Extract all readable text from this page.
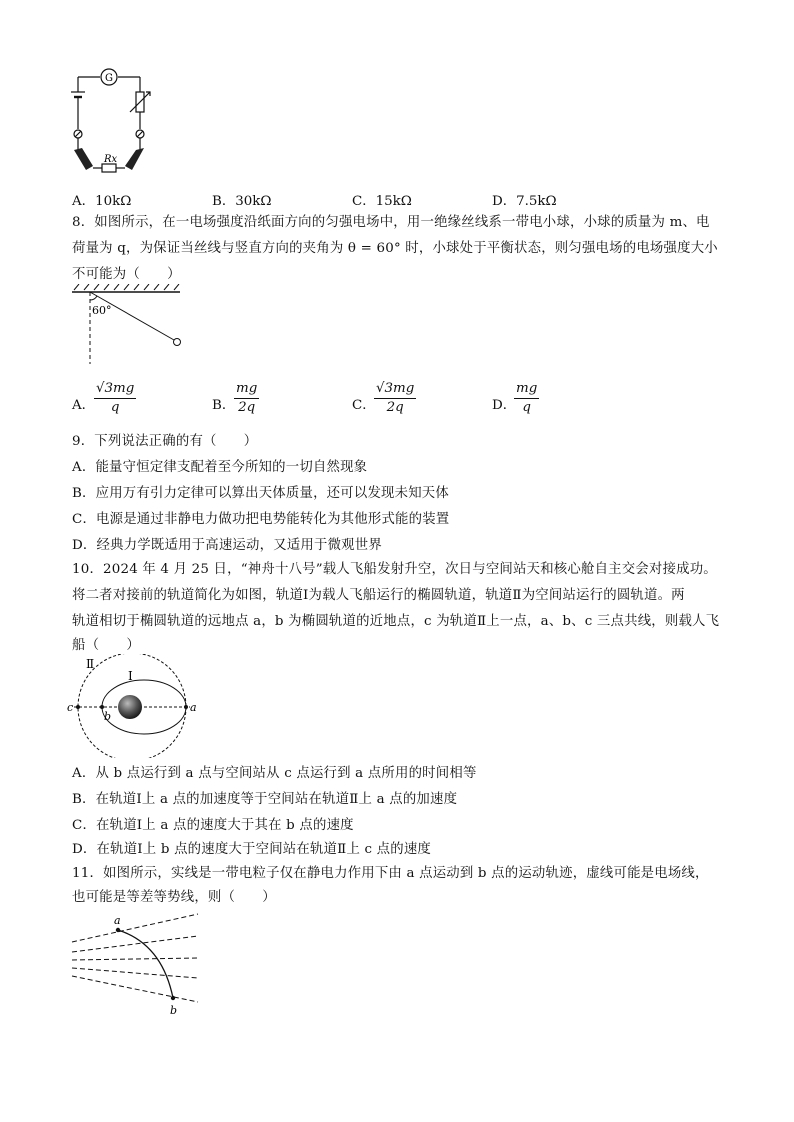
G
Rx
A．10kΩ	B．30kΩ	C．15kΩ	D．7.5kΩ
8．如图所示，在一电场强度沿纸面方向的匀强电场中，用一绝缘丝线系一带电小球，小球的质量为 m、电
荷量为 q，为保证当丝线与竖直方向的夹角为 θ = 60° 时，小球处于平衡状态，则匀强电场的电场强度大小
不可能为（　　）
60°
A．
$\frac{√3mg}{q}$	B．
$\frac{mg}{2q}$	C．
$\frac{√3mg}{2q}$	D．
$\frac{mg}{q}$
9．下列说法正确的有（　　）
A．能量守恒定律支配着至今所知的一切自然现象
B．应用万有引力定律可以算出天体质量，还可以发现未知天体
C．电源是通过非静电力做功把电势能转化为其他形式能的装置
D．经典力学既适用于高速运动，又适用于微观世界
10．2024 年 4 月 25 日，“神舟十八号”载人飞船发射升空，次日与空间站天和核心舱自主交会对接成功。
将二者对接前的轨道简化为如图，轨道Ⅰ为载人飞船运行的椭圆轨道，轨道Ⅱ为空间站运行的圆轨道。两
轨道相切于椭圆轨道的远地点 a，b 为椭圆轨道的近地点，c 为轨道Ⅱ上一点，a、b、c 三点共线，则载人飞
船（　　）
Ⅱ
Ⅰ
c
b
a
A．从 b 点运行到 a 点与空间站从 c 点运行到 a 点所用的时间相等
B．在轨道Ⅰ上 a 点的加速度等于空间站在轨道Ⅱ上 a 点的加速度
C．在轨道Ⅰ上 a 点的速度大于其在 b 点的速度
D．在轨道Ⅰ上 b 点的速度大于空间站在轨道Ⅱ上 c 点的速度
11．如图所示，实线是一带电粒子仅在静电力作用下由 a 点运动到 b 点的运动轨迹，虚线可能是电场线，
也可能是等差等势线，则（　　）
a
b
